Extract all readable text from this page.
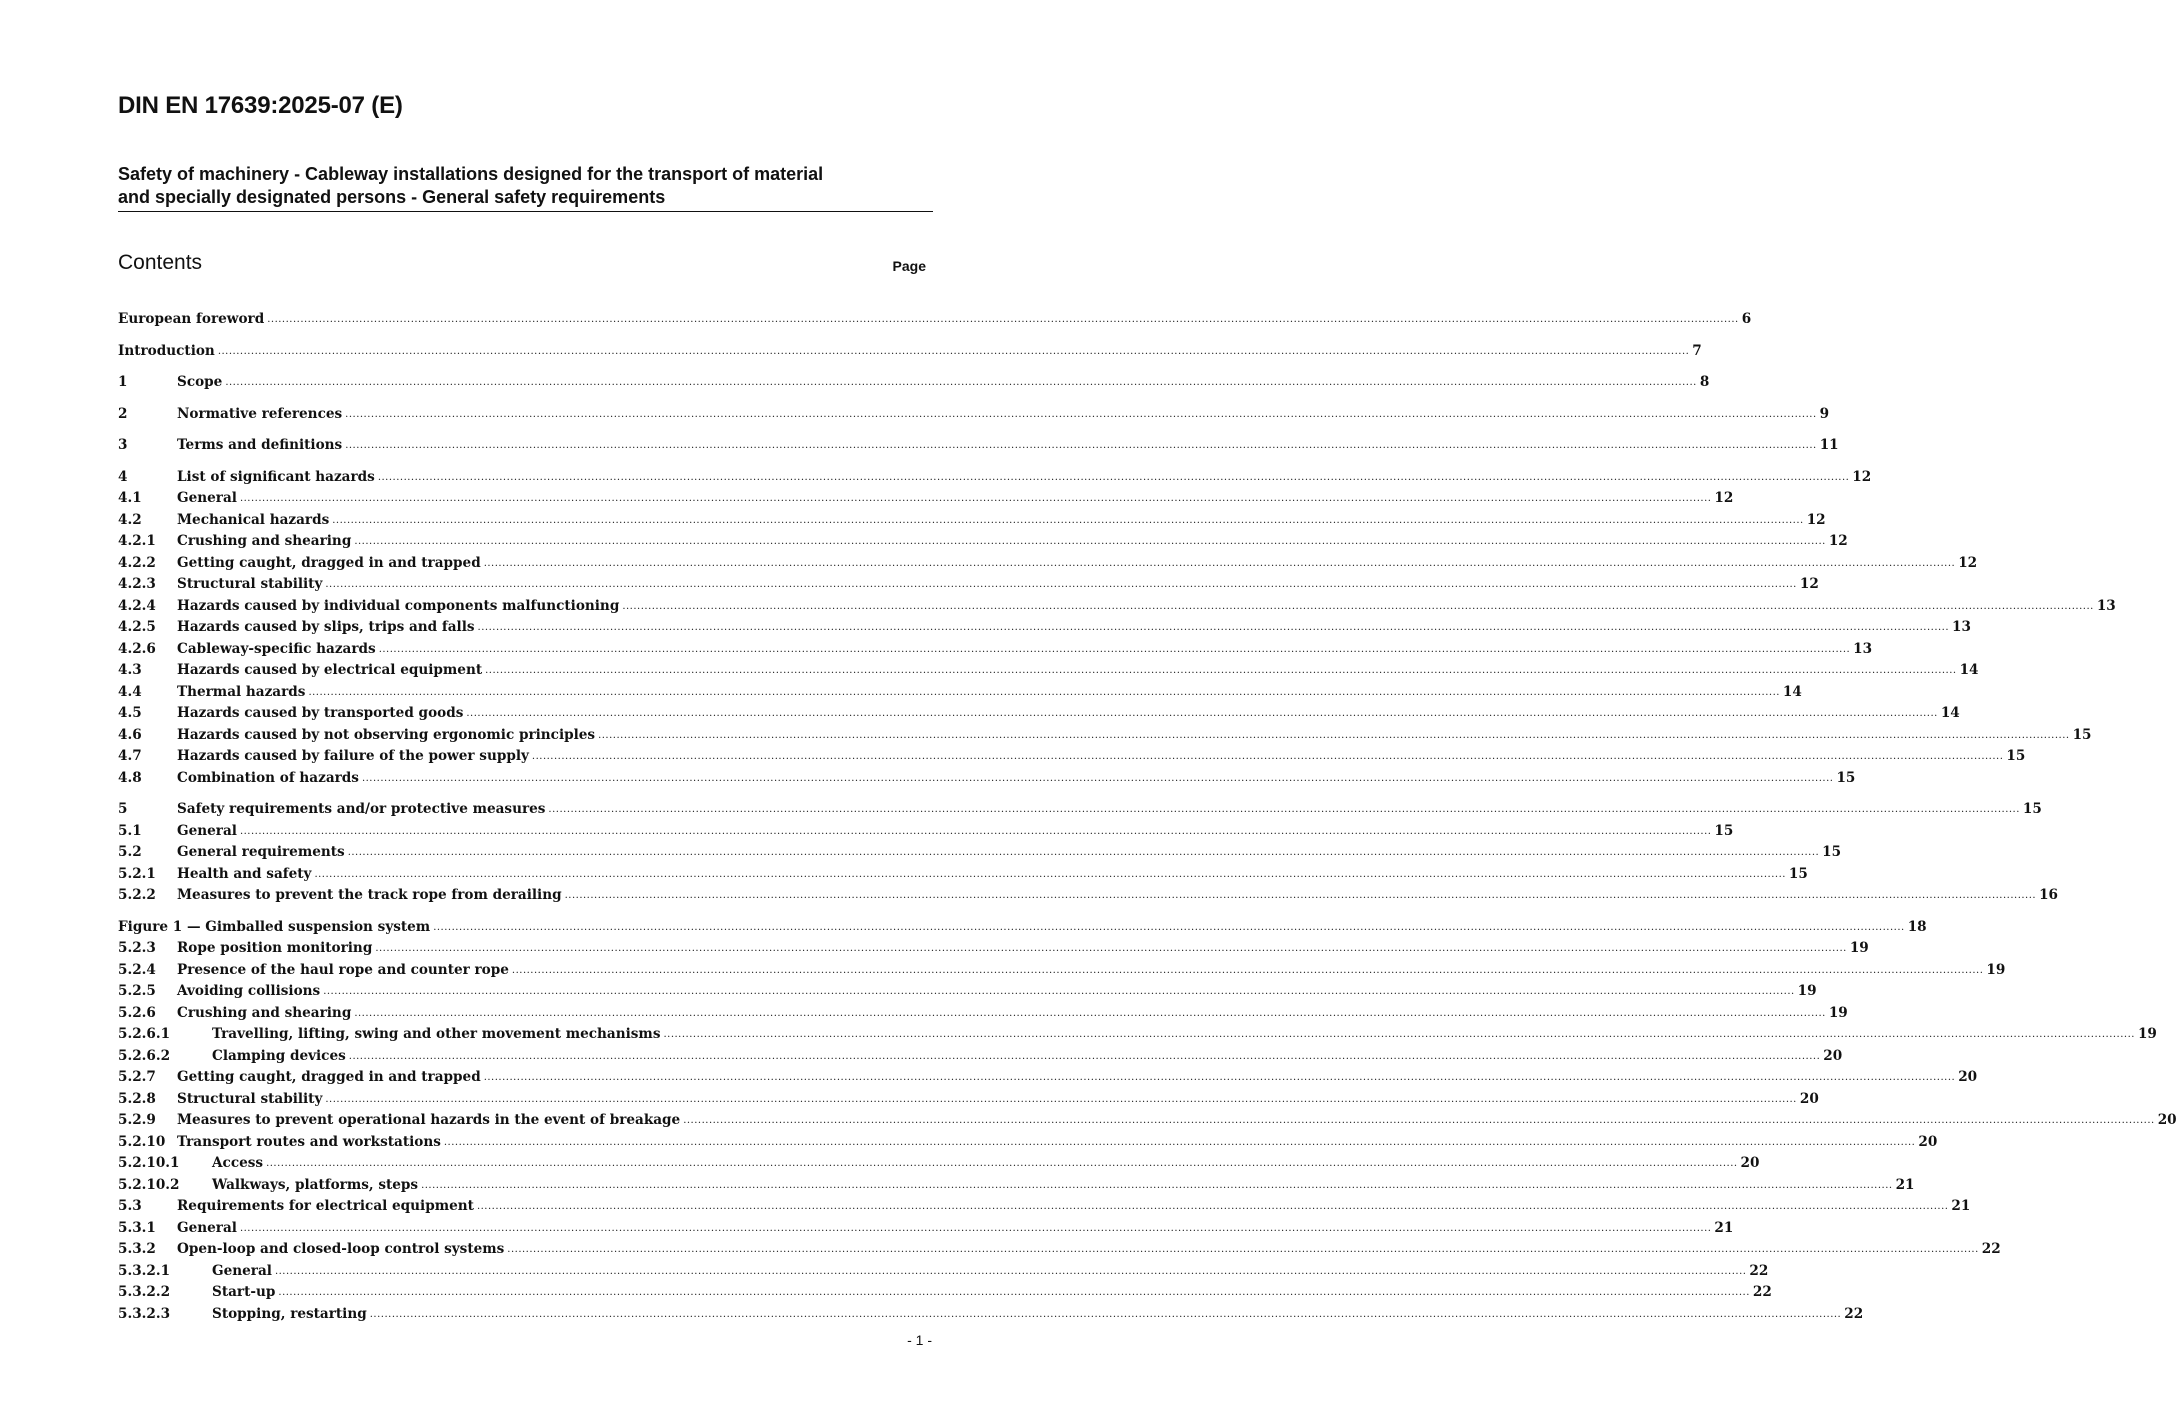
DIN EN 17639:2025-07 (E)
Safety of machinery - Cableway installations designed for the transport of material
and specially designated persons - General safety requirements
Contents	Page
European foreword ................................................................................................................................................................................................................................................................................................................................................................................................................ 6
Introduction ................................................................................................................................................................................................................................................................................................................................................................................................................ 7
1	Scope ................................................................................................................................................................................................................................................................................................................................................................................................................ 8
2	Normative references ................................................................................................................................................................................................................................................................................................................................................................................................................ 9
3	Terms and definitions ................................................................................................................................................................................................................................................................................................................................................................................................................ 11
4	List of significant hazards ................................................................................................................................................................................................................................................................................................................................................................................................................ 12
4.1	General ................................................................................................................................................................................................................................................................................................................................................................................................................ 12
4.2	Mechanical hazards ................................................................................................................................................................................................................................................................................................................................................................................................................ 12
4.2.1	Crushing and shearing ................................................................................................................................................................................................................................................................................................................................................................................................................ 12
4.2.2	Getting caught, dragged in and trapped ................................................................................................................................................................................................................................................................................................................................................................................................................ 12
4.2.3	Structural stability ................................................................................................................................................................................................................................................................................................................................................................................................................ 12
4.2.4	Hazards caused by individual components malfunctioning ................................................................................................................................................................................................................................................................................................................................................................................................................ 13
4.2.5	Hazards caused by slips, trips and falls ................................................................................................................................................................................................................................................................................................................................................................................................................ 13
4.2.6	Cableway-specific hazards ................................................................................................................................................................................................................................................................................................................................................................................................................ 13
4.3	Hazards caused by electrical equipment ................................................................................................................................................................................................................................................................................................................................................................................................................ 14
4.4	Thermal hazards ................................................................................................................................................................................................................................................................................................................................................................................................................ 14
4.5	Hazards caused by transported goods ................................................................................................................................................................................................................................................................................................................................................................................................................ 14
4.6	Hazards caused by not observing ergonomic principles ................................................................................................................................................................................................................................................................................................................................................................................................................ 15
4.7	Hazards caused by failure of the power supply ................................................................................................................................................................................................................................................................................................................................................................................................................ 15
4.8	Combination of hazards ................................................................................................................................................................................................................................................................................................................................................................................................................ 15
5	Safety requirements and/or protective measures ................................................................................................................................................................................................................................................................................................................................................................................................................ 15
5.1	General ................................................................................................................................................................................................................................................................................................................................................................................................................ 15
5.2	General requirements ................................................................................................................................................................................................................................................................................................................................................................................................................ 15
5.2.1	Health and safety ................................................................................................................................................................................................................................................................................................................................................................................................................ 15
5.2.2	Measures to prevent the track rope from derailing ................................................................................................................................................................................................................................................................................................................................................................................................................ 16
Figure 1 — Gimballed suspension system ................................................................................................................................................................................................................................................................................................................................................................................................................ 18
5.2.3	Rope position monitoring ................................................................................................................................................................................................................................................................................................................................................................................................................ 19
5.2.4	Presence of the haul rope and counter rope ................................................................................................................................................................................................................................................................................................................................................................................................................ 19
5.2.5	Avoiding collisions ................................................................................................................................................................................................................................................................................................................................................................................................................ 19
5.2.6	Crushing and shearing ................................................................................................................................................................................................................................................................................................................................................................................................................ 19
5.2.6.1	Travelling, lifting, swing and other movement mechanisms ................................................................................................................................................................................................................................................................................................................................................................................................................ 19
5.2.6.2	Clamping devices ................................................................................................................................................................................................................................................................................................................................................................................................................ 20
5.2.7	Getting caught, dragged in and trapped ................................................................................................................................................................................................................................................................................................................................................................................................................ 20
5.2.8	Structural stability ................................................................................................................................................................................................................................................................................................................................................................................................................ 20
5.2.9	Measures to prevent operational hazards in the event of breakage ................................................................................................................................................................................................................................................................................................................................................................................................................ 20
5.2.10 Transport routes and workstations ................................................................................................................................................................................................................................................................................................................................................................................................................ 20
5.2.10.1 Access ................................................................................................................................................................................................................................................................................................................................................................................................................ 20
5.2.10.2 Walkways, platforms, steps ................................................................................................................................................................................................................................................................................................................................................................................................................ 21
5.3	Requirements for electrical equipment ................................................................................................................................................................................................................................................................................................................................................................................................................ 21
5.3.1	General ................................................................................................................................................................................................................................................................................................................................................................................................................ 21
5.3.2	Open-loop and closed-loop control systems ................................................................................................................................................................................................................................................................................................................................................................................................................ 22
5.3.2.1	General ................................................................................................................................................................................................................................................................................................................................................................................................................ 22
5.3.2.2	Start-up ................................................................................................................................................................................................................................................................................................................................................................................................................ 22
5.3.2.3	Stopping, restarting ................................................................................................................................................................................................................................................................................................................................................................................................................ 22
- 1 -
